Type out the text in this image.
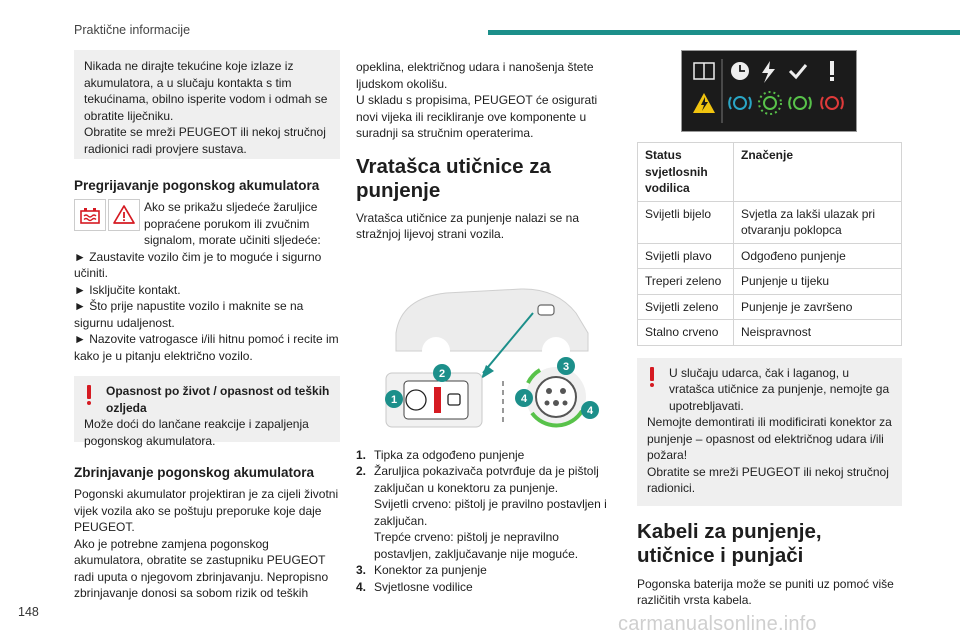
Praktične informacije
Nikada ne dirajte tekućine koje izlaze iz akumulatora, a u slučaju kontakta s tim tekućinama, obilno isperite vodom i odmah se obratite liječniku.
Obratite se mreži PEUGEOT ili nekoj stručnoj radionici radi provjere sustava.
Pregrijavanje pogonskog akumulatora
Ako se prikažu sljedeće žaruljice popraćene porukom ili zvučnim signalom, morate učiniti sljedeće:
► Zaustavite vozilo čim je to moguće i sigurno učiniti.
► Isključite kontakt.
► Što prije napustite vozilo i maknite se na sigurnu udaljenost.
► Nazovite vatrogasce i/ili hitnu pomoć i recite im kako je u pitanju električno vozilo.
Opasnost po život / opasnost od teških ozljeda
Može doći do lančane reakcije i zapaljenja pogonskog akumulatora.
Zbrinjavanje pogonskog akumulatora
Pogonski akumulator projektiran je za cijeli životni vijek vozila ako se poštuju preporuke koje daje PEUGEOT.
Ako je potrebne zamjena pogonskog akumulatora, obratite se zastupniku PEUGEOT radi uputa o njegovom zbrinjavanju. Nepropisno zbrinjavanje donosi sa sobom rizik od teških
opeklina, električnog udara i nanošenja štete ljudskom okolišu.
U skladu s propisima, PEUGEOT će osigurati novi vijeka ili recikliranje ove komponente u suradnji sa stručnim operaterima.
Vratašca utičnice za punjenje
Vratašca utičnice za punjenje nalazi se na stražnjoj lijevoj strani vozila.
1
2
3
4
4
1. Tipka za odgođeno punjenje
2. Žaruljica pokazivača potvrđuje da je pištolj zaključan u konektoru za punjenje.
Svijetli crveno: pištolj je pravilno postavljen i zaključan.
Trepće crveno: pištolj je nepravilno postavljen, zaključavanje nije moguće.
3. Konektor za punjenje
4. Svjetlosne vodilice
Status svjetlosnih vodilica	Značenje
Svijetli bijelo	Svjetla za lakši ulazak pri otvaranju poklopca
Svijetli plavo	Odgođeno punjenje
Treperi zeleno	Punjenje u tijeku
Svijetli zeleno	Punjenje je završeno
Stalno crveno	Neispravnost
U slučaju udarca, čak i laganog, u vratašca utičnice za punjenje, nemojte ga upotrebljavati.
Nemojte demontirati ili modificirati konektor za punjenje – opasnost od električnog udara i/ili požara!
Obratite se mreži PEUGEOT ili nekoj stručnoj radionici.
Kabeli za punjenje, utičnice i punjači
Pogonska baterija može se puniti uz pomoć više različitih vrsta kabela.
148
carmanualsonline.info
